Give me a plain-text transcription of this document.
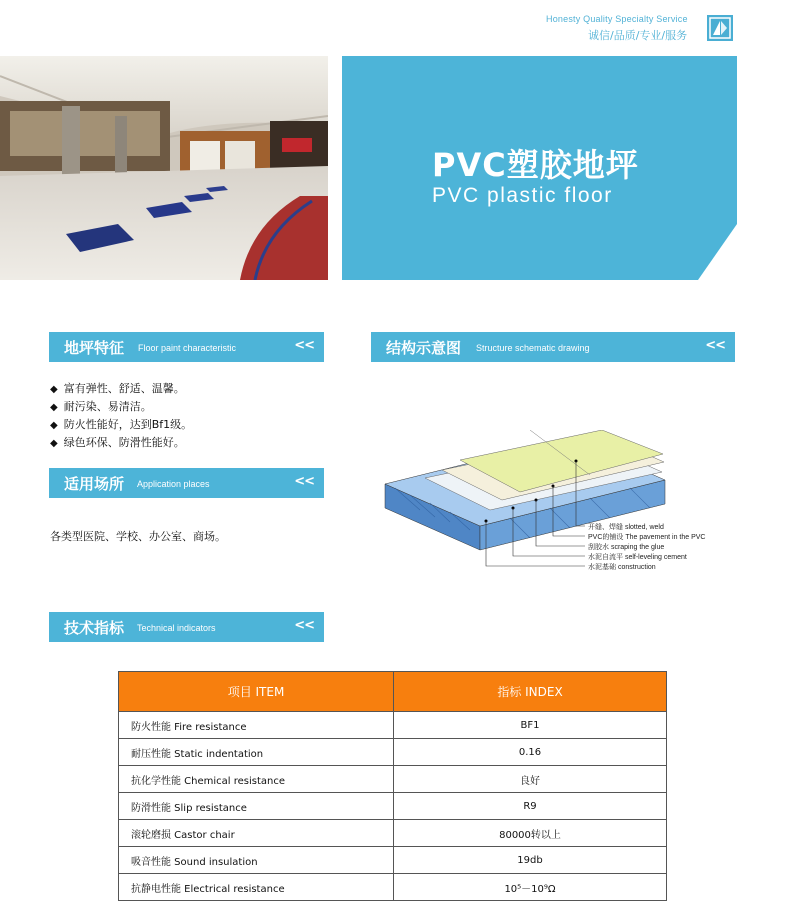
Honesty Quality Specialty Service
诚信/品质/专业/服务
PVC塑胶地坪
PVC plastic floor
地坪特征 Floor paint characteristic	<<
◆ 富有弹性、舒适、温馨。
◆ 耐污染、易清洁。
◆ 防火性能好，达到Bf1级。
◆ 绿色环保、防滑性能好。
结构示意图 Structure schematic drawing	<<
开缝、焊缝 slotted, weld
PVC的铺设 The pavement in the PVC
刮胶水 scraping the glue
水泥自流平 self-leveling cement
水泥基础 construction
适用场所 Application places	<<
各类型医院、学校、办公室、商场。
技术指标 Technical indicators	<<
项目 ITEM	指标 INDEX
防火性能 Fire resistance	BF1
耐压性能 Static indentation	0.16
抗化学性能 Chemical resistance	良好
防滑性能 Slip resistance	R9
滚轮磨损 Castor chair	80000转以上
吸音性能 Sound insulation	19db
抗静电性能 Electrical resistance	10⁵－10⁹Ω
